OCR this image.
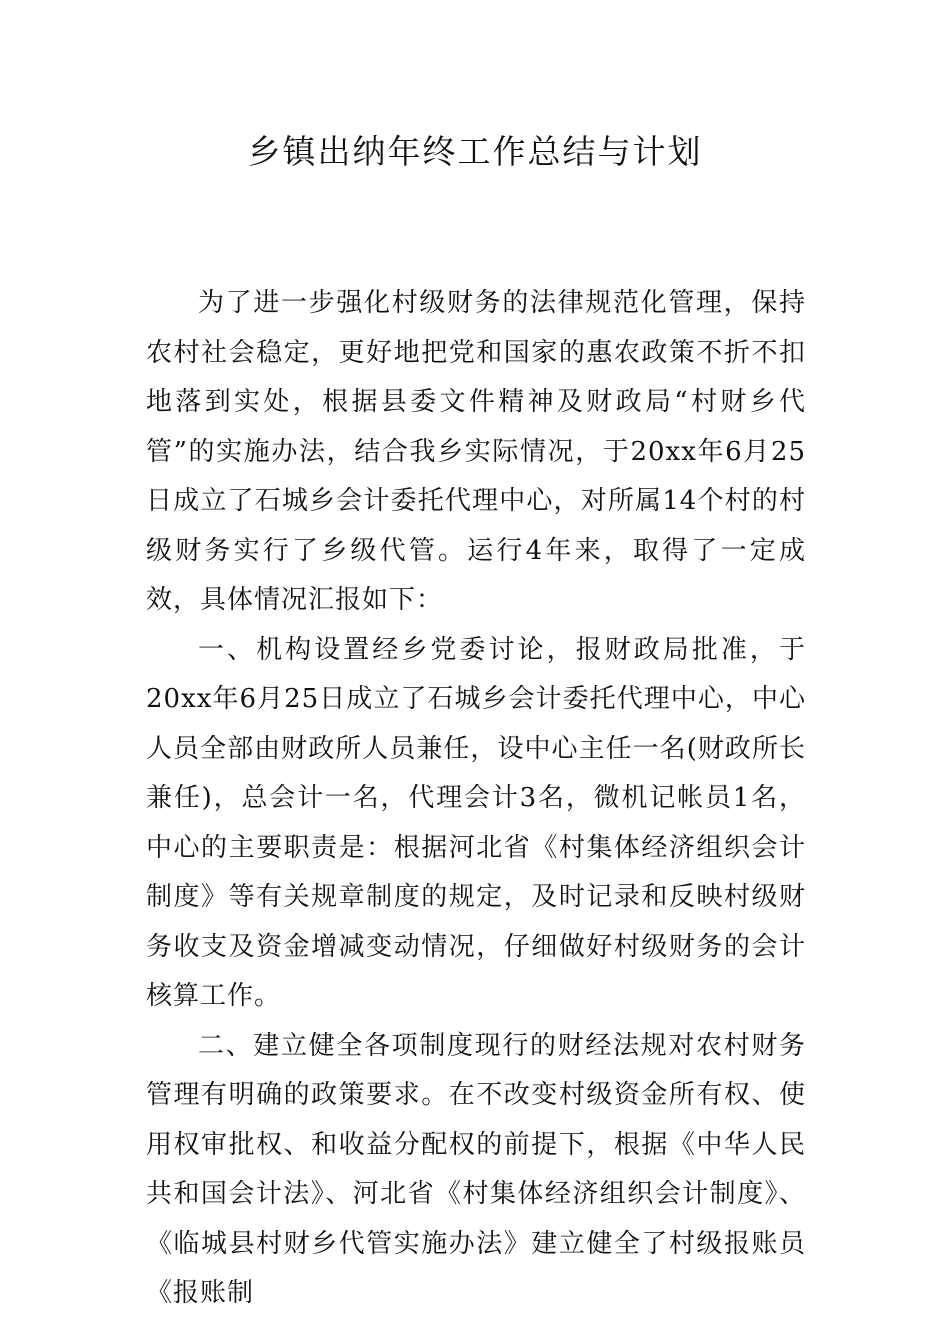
乡镇出纳年终工作总结与计划

为了进一步强化村级财务的法律规范化管理，保持农村社会稳定，更好地把党和国家的惠农政策不折不扣地落到实处，根据县委文件精神及财政局“村财乡代管”的实施办法，结合我乡实际情况，于20xx年6月25日成立了石城乡会计委托代理中心，对所属14个村的村级财务实行了乡级代管。运行4年来，取得了一定成效，具体情况汇报如下：

一、机构设置经乡党委讨论，报财政局批准，于20xx年6月25日成立了石城乡会计委托代理中心，中心人员全部由财政所人员兼任，设中心主任一名(财政所长兼任)，总会计一名，代理会计3名，微机记帐员1名，中心的主要职责是：根据河北省《村集体经济组织会计制度》等有关规章制度的规定，及时记录和反映村级财务收支及资金增减变动情况，仔细做好村级财务的会计核算工作。

二、建立健全各项制度现行的财经法规对农村财务管理有明确的政策要求。在不改变村级资金所有权、使用权审批权、和收益分配权的前提下，根据《中华人民共和国会计法》、河北省《村集体经济组织会计制度》、《临城县村财乡代管实施办法》建立健全了村级报账员《报账制
